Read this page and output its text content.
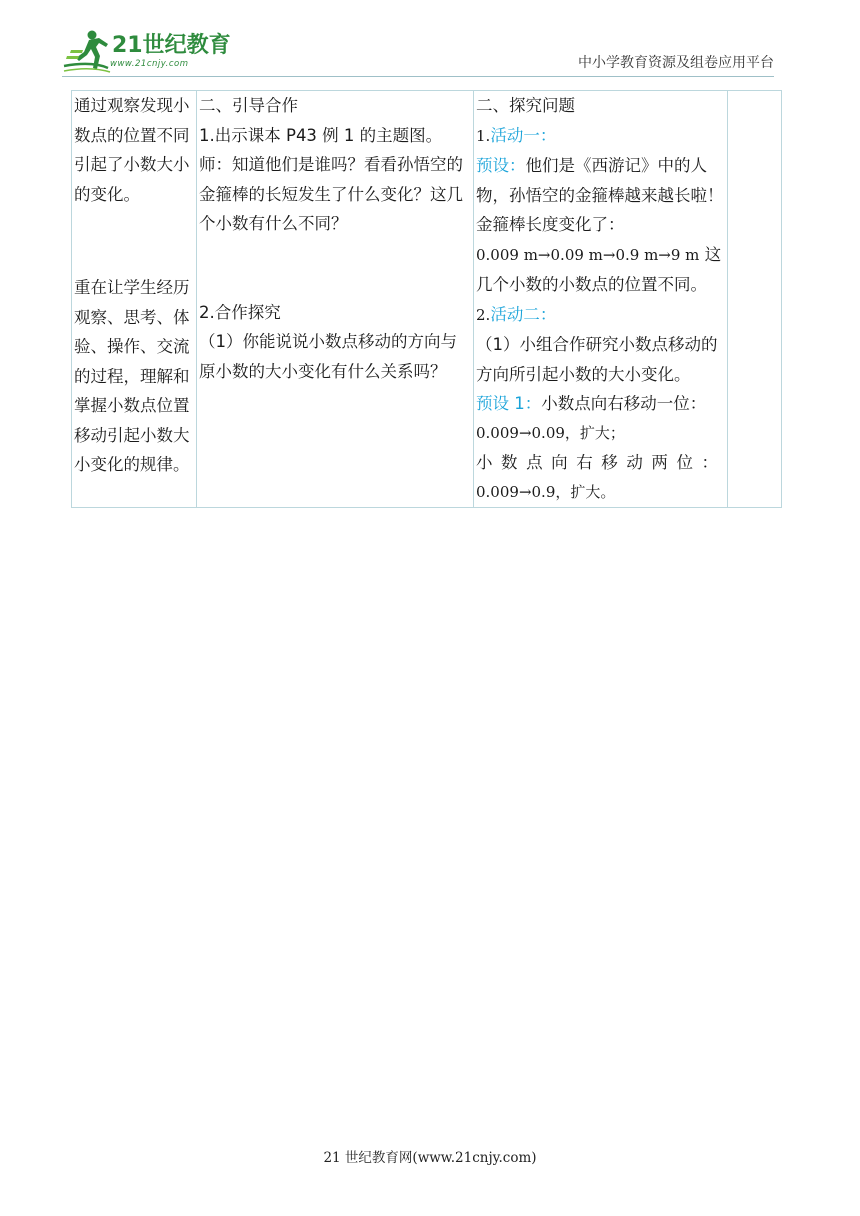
21世纪教育
www.21cnjy.com	中小学教育资源及组卷应用平台
通过观察发现小数点的位置不同引起了小数大小的变化。
重在让学生经历观察、思考、体验、操作、交流的过程，理解和掌握小数点位置移动引起小数大小变化的规律。

二、引导合作
1.出示课本 P43 例 1 的主题图。
师：知道他们是谁吗？看看孙悟空的金箍棒的长短发生了什么变化？这几个小数有什么不同？
2.合作探究
（1）你能说说小数点移动的方向与原小数的大小变化有什么关系吗？

二、探究问题
1.活动一：
预设：他们是《西游记》中的人物，孙悟空的金箍棒越来越长啦！金箍棒长度变化了：
0.009 m→0.09 m→0.9 m→9 m 这几个小数的小数点的位置不同。
2.活动二：
（1）小组合作研究小数点移动的方向所引起小数的大小变化。
预设 1：小数点向右移动一位：
0.009→0.09，扩大；
小数点向右移动两位：
0.009→0.9，扩大。

21 世纪教育网(www.21cnjy.com)
